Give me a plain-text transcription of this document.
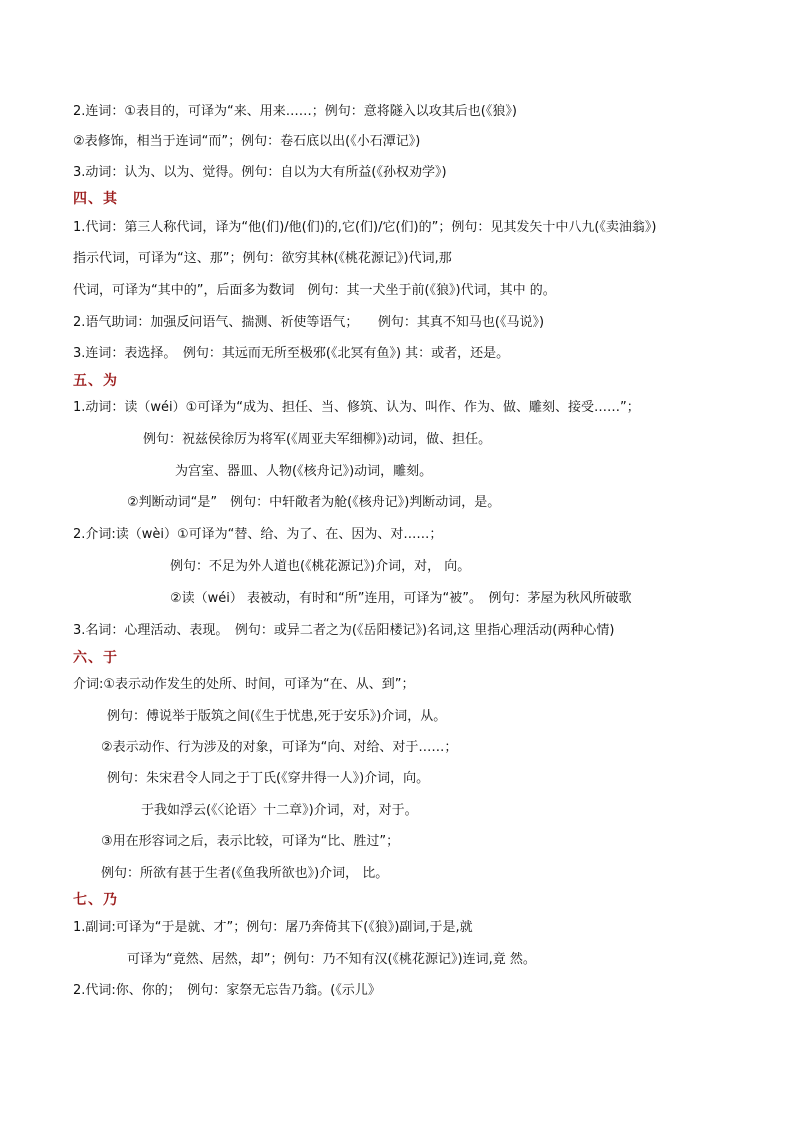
2.连词：①表目的，可译为“来、用来……；例句：意将隧入以攻其后也(《狼》)
②表修饰，相当于连词“而”；例句：卷石底以出(《小石潭记》)
3.动词：认为、以为、觉得。例句：自以为大有所益(《孙权劝学》)
四、其
1.代词：第三人称代词，译为“他(们)/他(们)的,它(们)/它(们)的”；例句：见其发矢十中八九(《卖油翁》)
指示代词，可译为“这、那”；例句：欲穷其林(《桃花源记》)代词,那
代词，可译为“其中的”，后面多为数词　例句：其一犬坐于前(《狼》)代词，其中 的。
2.语气助词：加强反问语气、揣测、祈使等语气；　　例句：其真不知马也(《马说》)
3.连词：表选择。　例句：其远而无所至极邪(《北冥有鱼》) 其：或者，还是。
五、为
1.动词：读（wéi）①可译为“成为、担任、当、修筑、认为、叫作、作为、做、雕刻、接受……”；
例句：祝兹侯徐厉为将军(《周亚夫军细柳》)动词，做、担任。
为宫室、器皿、人物(《核舟记》)动词，雕刻。
②判断动词“是”　例句：中轩敞者为舱(《核舟记》)判断动词，是。
2.介词:读（wèi）①可译为“替、给、为了、在、因为、对……；
例句：不足为外人道也(《桃花源记》)介词，对， 向。
②读（wéi） 表被动，有时和“所”连用，可译为“被”。　例句：茅屋为秋风所破歌
3.名词：心理活动、表现。　例句：或异二者之为(《岳阳楼记》)名词,这 里指心理活动(两种心情)
六、于
介词:①表示动作发生的处所、时间，可译为“在、从、到”；
例句：傅说举于版筑之间(《生于忧患,死于安乐》)介词，从。
②表示动作、行为涉及的对象，可译为“向、对给、对于……；
例句：朱宋君令人同之于丁氏(《穿井得一人》)介词，向。
于我如浮云(《〈论语〉十二章》)介词，对，对于。
③用在形容词之后，表示比较，可译为“比、胜过”；
例句：所欲有甚于生者(《鱼我所欲也》)介词， 比。
七、乃
1.副词:可译为“于是就、才”；例句：屠乃奔倚其下(《狼》)副词,于是,就
可译为“竟然、居然，却”；例句：乃不知有汉(《桃花源记》)连词,竟 然。
2.代词:你、你的；　例句：家祭无忘告乃翁。(《示儿》
